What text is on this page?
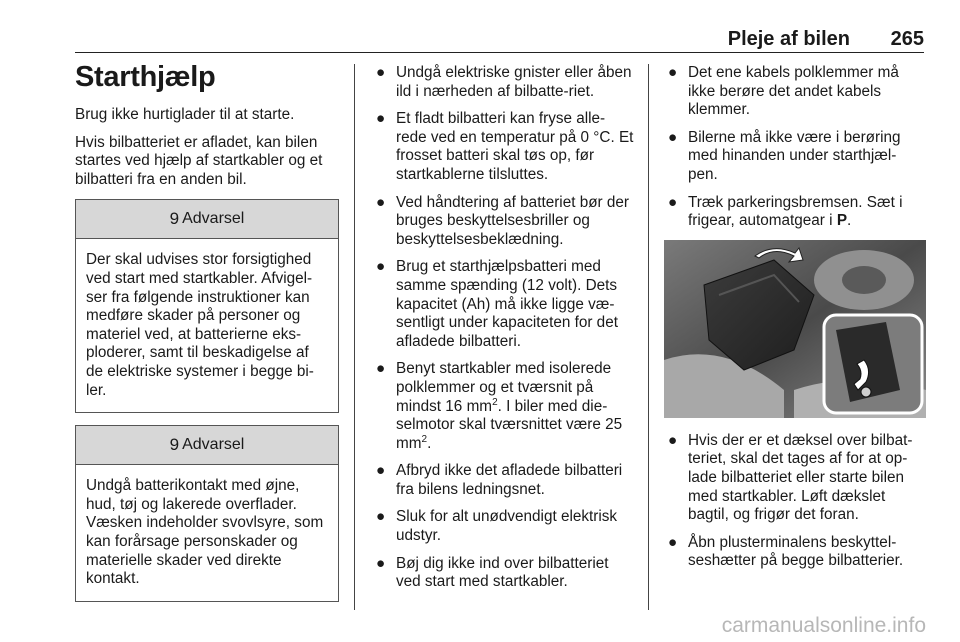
Pleje af bilen 265
Starthjælp

Brug ikke hurtiglader til at starte.

Hvis bilbatteriet er afladet, kan bilen startes ved hjælp af startkabler og et bilbatteri fra en anden bil.

9 Advarsel
Der skal udvises stor forsigtighed ved start med startkabler. Afvigel-ser fra følgende instruktioner kan medføre skader på personer og materiel ved, at batterierne eks-ploderer, samt til beskadigelse af de elektriske systemer i begge bi-ler.
9 Advarsel
Undgå batterikontakt med øjne, hud, tøj og lakerede overflader. Væsken indeholder svovlsyre, som kan forårsage personskader og materielle skader ved direkte kontakt.
● Undgå elektriske gnister eller åben ild i nærheden af bilbatte-riet.
● Et fladt bilbatteri kan fryse alle-rede ved en temperatur på 0 °C. Et frosset batteri skal tøs op, før startkablerne tilsluttes.
● Ved håndtering af batteriet bør der bruges beskyttelsesbriller og beskyttelsesbeklædning.
● Brug et starthjælpsbatteri med samme spænding (12 volt). Dets kapacitet (Ah) må ikke ligge væ-sentligt under kapaciteten for det afladede bilbatteri.
● Benyt startkabler med isolerede polklemmer og et tværsnit på mindst 16 $mm^2$. I biler med die-selmotor skal tværsnittet være 25 $mm^2$.
● Afbryd ikke det afladede bilbatteri fra bilens ledningsnet.
● Sluk for alt unødvendigt elektrisk udstyr.
● Bøj dig ikke ind over bilbatteriet ved start med startkabler.
● Det ene kabels polklemmer må ikke berøre det andet kabels klemmer.
● Bilerne må ikke være i berøring med hinanden under starthjæl-pen.
● Træk parkeringsbremsen. Sæt i frigear, automatgear i P.
● Hvis der er et dæksel over bilbat-teriet, skal det tages af for at op-lade bilbatteriet eller starte bilen med startkabler. Løft dækslet bagtil, og frigør det foran.
● Åbn plusterminalens beskyttel-seshætter på begge bilbatterier.
carmanualsonline.info
